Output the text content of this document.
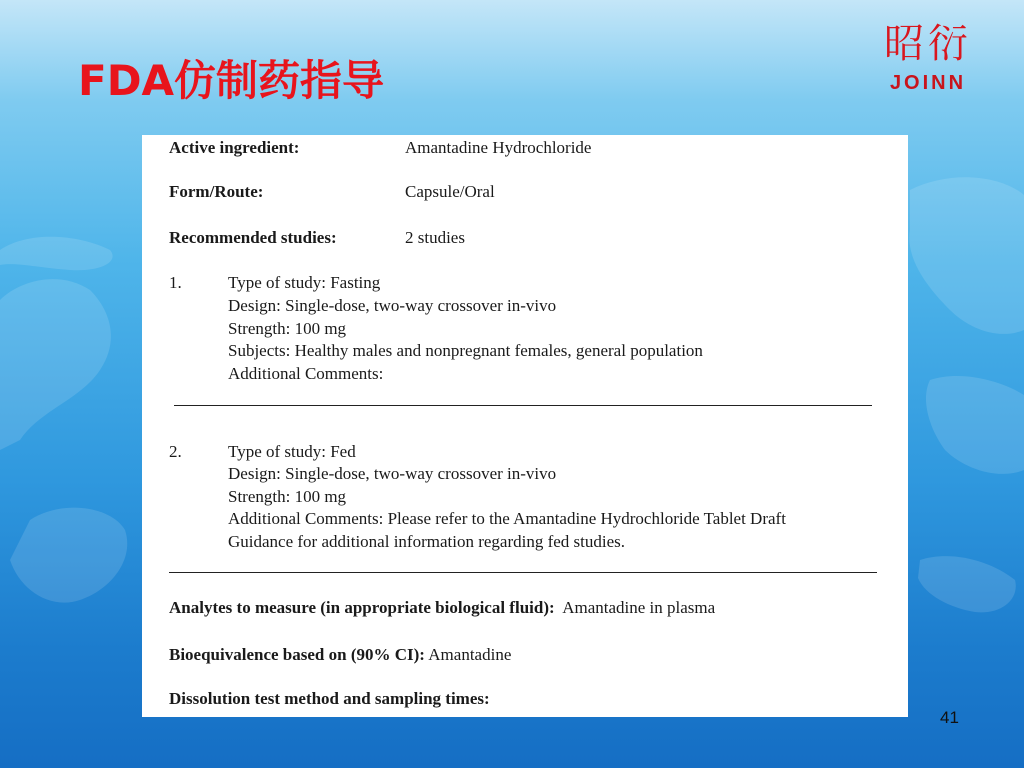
FDA仿制药指导
昭衍
JOINN
Active ingredient:	Amantadine Hydrochloride
Form/Route:	Capsule/Oral
Recommended studies:	2 studies
1.	Type of study: Fasting
Design: Single-dose, two-way crossover in-vivo
Strength: 100 mg
Subjects: Healthy males and nonpregnant females, general population
Additional Comments:
2.	Type of study: Fed
Design: Single-dose, two-way crossover in-vivo
Strength: 100 mg
Additional Comments: Please refer to the Amantadine Hydrochloride Tablet Draft
Guidance for additional information regarding fed studies.
Analytes to measure (in appropriate biological fluid): Amantadine in plasma
Bioequivalence based on (90% CI): Amantadine
Dissolution test method and sampling times:
41
